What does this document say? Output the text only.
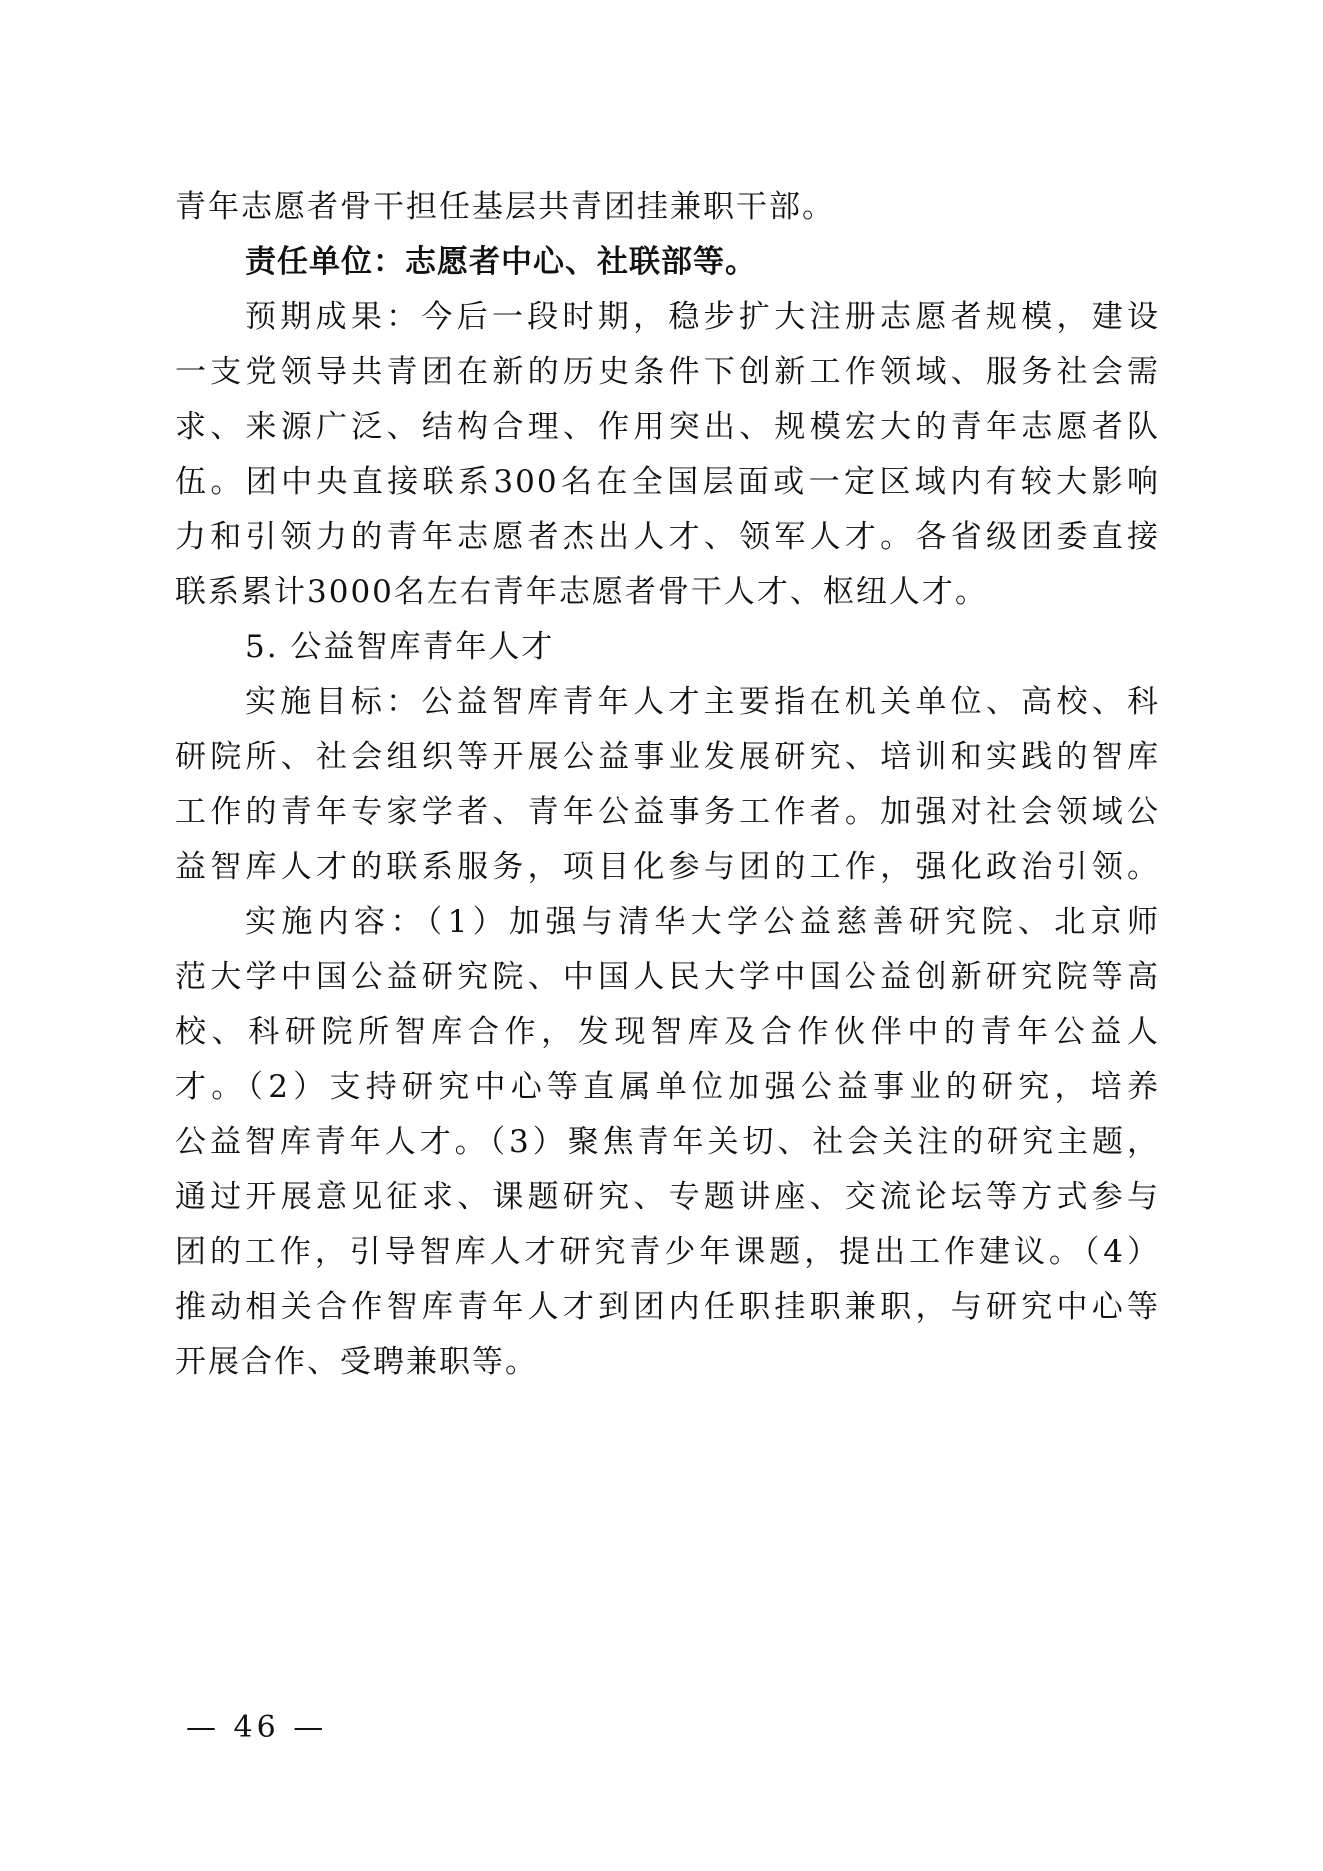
青年志愿者骨干担任基层共青团挂兼职干部。
责任单位：志愿者中心、社联部等。
预期成果：今后一段时期，稳步扩大注册志愿者规模，建设
一支党领导共青团在新的历史条件下创新工作领域、服务社会需
求、来源广泛、结构合理、作用突出、规模宏大的青年志愿者队
伍。团中央直接联系300名在全国层面或一定区域内有较大影响
力和引领力的青年志愿者杰出人才、领军人才。各省级团委直接
联系累计3000名左右青年志愿者骨干人才、枢纽人才。
5. 公益智库青年人才
实施目标：公益智库青年人才主要指在机关单位、高校、科
研院所、社会组织等开展公益事业发展研究、培训和实践的智库
工作的青年专家学者、青年公益事务工作者。加强对社会领域公
益智库人才的联系服务，项目化参与团的工作，强化政治引领。
实施内容：（1）加强与清华大学公益慈善研究院、北京师
范大学中国公益研究院、中国人民大学中国公益创新研究院等高
校、科研院所智库合作，发现智库及合作伙伴中的青年公益人
才。（2）支持研究中心等直属单位加强公益事业的研究，培养
公益智库青年人才。（3）聚焦青年关切、社会关注的研究主题，
通过开展意见征求、课题研究、专题讲座、交流论坛等方式参与
团的工作，引导智库人才研究青少年课题，提出工作建议。（4）
推动相关合作智库青年人才到团内任职挂职兼职，与研究中心等
开展合作、受聘兼职等。
— 46 —
